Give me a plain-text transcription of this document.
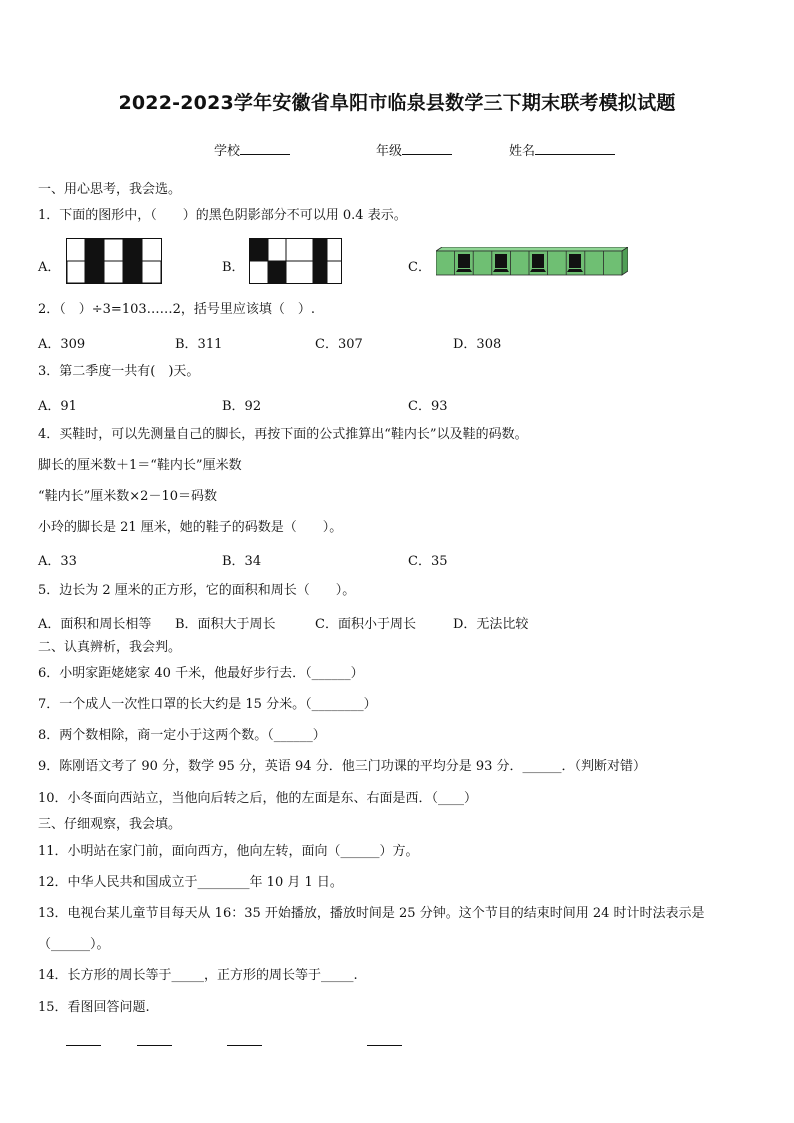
2022-2023学年安徽省阜阳市临泉县数学三下期末联考模拟试题
学校	年级	姓名
一、用心思考，我会选。
1．下面的图形中，（　　）的黑色阴影部分不可以用 0.4 表示。
A．	B．	C．
2．（　）÷3=103……2，括号里应该填（　）.
A．309	B．311	C．307	D．308
3．第二季度一共有(　)天。
A．91	B．92	C．93
4．买鞋时，可以先测量自己的脚长，再按下面的公式推算出“鞋内长”以及鞋的码数。
脚长的厘米数＋1＝“鞋内长”厘米数
“鞋内长”厘米数×2－10＝码数
小玲的脚长是 21 厘米，她的鞋子的码数是（　　）。
A．33	B．34	C．35
5．边长为 2 厘米的正方形，它的面积和周长（　　）。
A．面积和周长相等 B．面积大于周长	C．面积小于周长	D．无法比较
二、认真辨析，我会判。
6．小明家距姥姥家 40 千米，他最好步行去．（______）
7．一个成人一次性口罩的长大约是 15 分米。（________）
8．两个数相除，商一定小于这两个数。（______）
9．陈刚语文考了 90 分，数学 95 分，英语 94 分．他三门功课的平均分是 93 分．______．（判断对错）
10．小冬面向西站立，当他向后转之后，他的左面是东、右面是西．（____）
三、仔细观察，我会填。
11．小明站在家门前，面向西方，他向左转，面向（______）方。
12．中华人民共和国成立于________年 10 月 1 日。
13．电视台某儿童节目每天从 16：35 开始播放，播放时间是 25 分钟。这个节目的结束时间用 24 时计时法表示是
（______）。
14．长方形的周长等于_____，正方形的周长等于_____.
15．看图回答问题.
